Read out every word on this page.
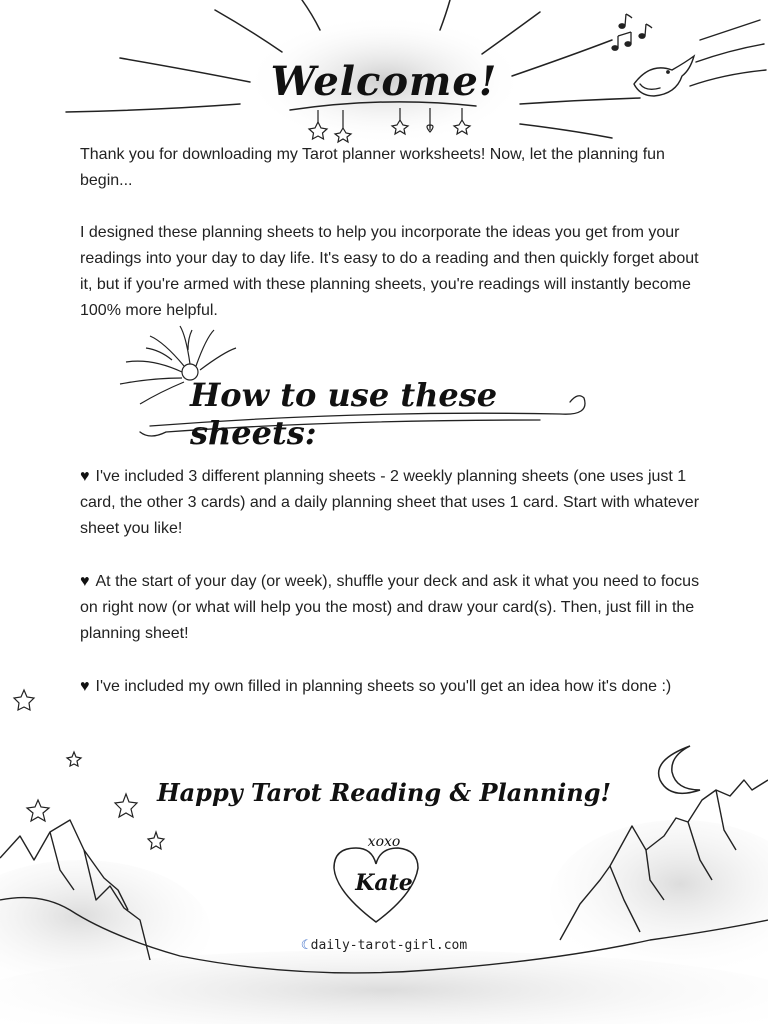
Welcome!

Thank you for downloading my Tarot planner worksheets! Now, let the planning fun begin...

I designed these planning sheets to help you incorporate the ideas you get from your readings into your day to day life. It's easy to do a reading and then quickly forget about it, but if you're armed with these planning sheets, you're readings will instantly become 100% more helpful.

How to use these sheets:

♥ I've included 3 different planning sheets - 2 weekly planning sheets (one uses just 1 card, the other 3 cards) and a daily planning sheet that uses 1 card. Start with whatever sheet you like!

♥ At the start of your day (or week), shuffle your deck and ask it what you need to focus on right now (or what will help you the most) and draw your card(s). Then, just fill in the planning sheet!

♥ I've included my own filled in planning sheets so you'll get an idea how it's done :)

Happy Tarot Reading & Planning!
xoxo
Kate
☾ daily-tarot-girl.com
